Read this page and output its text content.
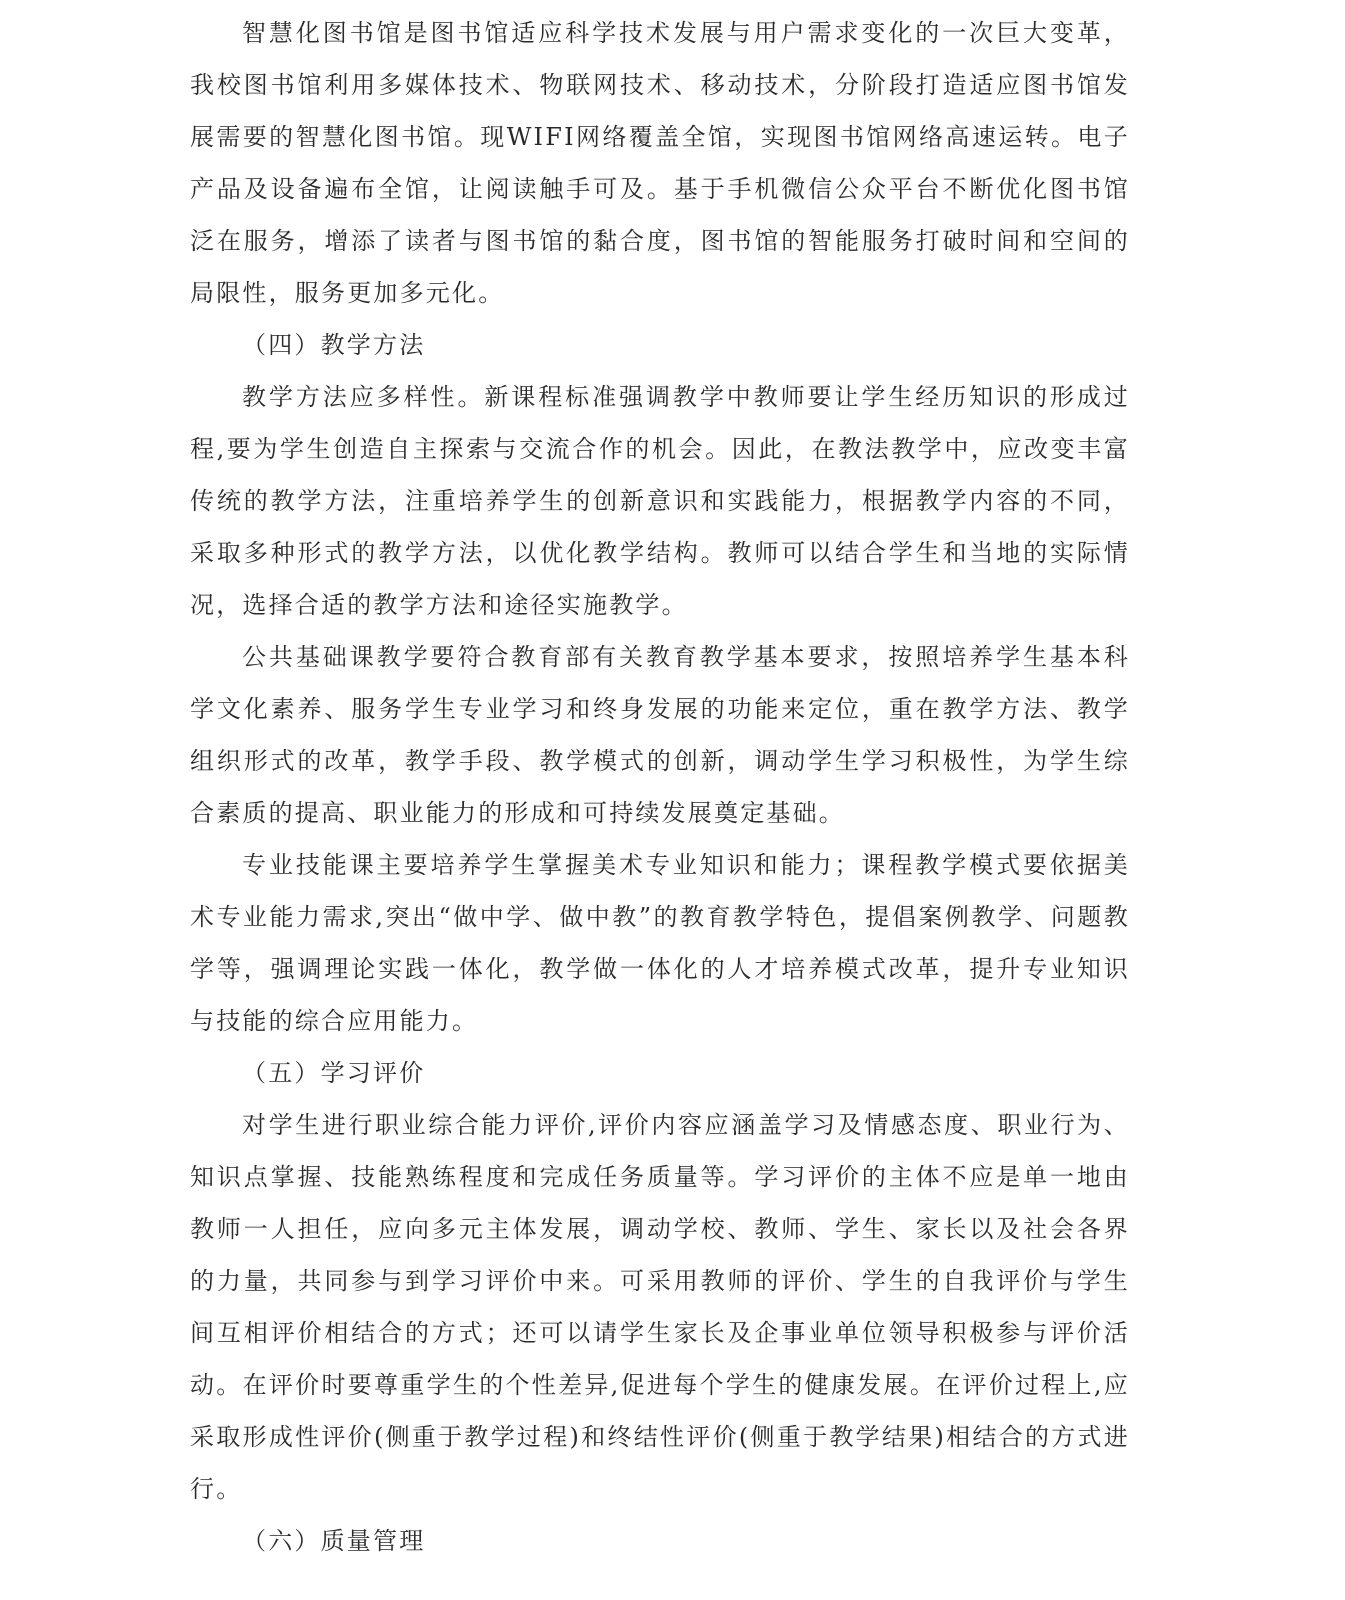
智慧化图书馆是图书馆适应科学技术发展与用户需求变化的一次巨大变革，我校图书馆利用多媒体技术、物联网技术、移动技术，分阶段打造适应图书馆发展需要的智慧化图书馆。现WIFI网络覆盖全馆，实现图书馆网络高速运转。电子产品及设备遍布全馆，让阅读触手可及。基于手机微信公众平台不断优化图书馆泛在服务，增添了读者与图书馆的黏合度，图书馆的智能服务打破时间和空间的局限性，服务更加多元化。

（四）教学方法

教学方法应多样性。新课程标准强调教学中教师要让学生经历知识的形成过程,要为学生创造自主探索与交流合作的机会。因此，在教法教学中，应改变丰富传统的教学方法，注重培养学生的创新意识和实践能力，根据教学内容的不同，采取多种形式的教学方法，以优化教学结构。教师可以结合学生和当地的实际情况，选择合适的教学方法和途径实施教学。

公共基础课教学要符合教育部有关教育教学基本要求，按照培养学生基本科学文化素养、服务学生专业学习和终身发展的功能来定位，重在教学方法、教学组织形式的改革，教学手段、教学模式的创新，调动学生学习积极性，为学生综合素质的提高、职业能力的形成和可持续发展奠定基础。

专业技能课主要培养学生掌握美术专业知识和能力；课程教学模式要依据美术专业能力需求,突出“做中学、做中教”的教育教学特色，提倡案例教学、问题教学等，强调理论实践一体化，教学做一体化的人才培养模式改革，提升专业知识与技能的综合应用能力。

（五）学习评价

对学生进行职业综合能力评价,评价内容应涵盖学习及情感态度、职业行为、知识点掌握、技能熟练程度和完成任务质量等。学习评价的主体不应是单一地由教师一人担任，应向多元主体发展，调动学校、教师、学生、家长以及社会各界的力量，共同参与到学习评价中来。可采用教师的评价、学生的自我评价与学生间互相评价相结合的方式；还可以请学生家长及企事业单位领导积极参与评价活动。在评价时要尊重学生的个性差异,促进每个学生的健康发展。在评价过程上,应采取形成性评价(侧重于教学过程)和终结性评价(侧重于教学结果)相结合的方式进行。

（六）质量管理
